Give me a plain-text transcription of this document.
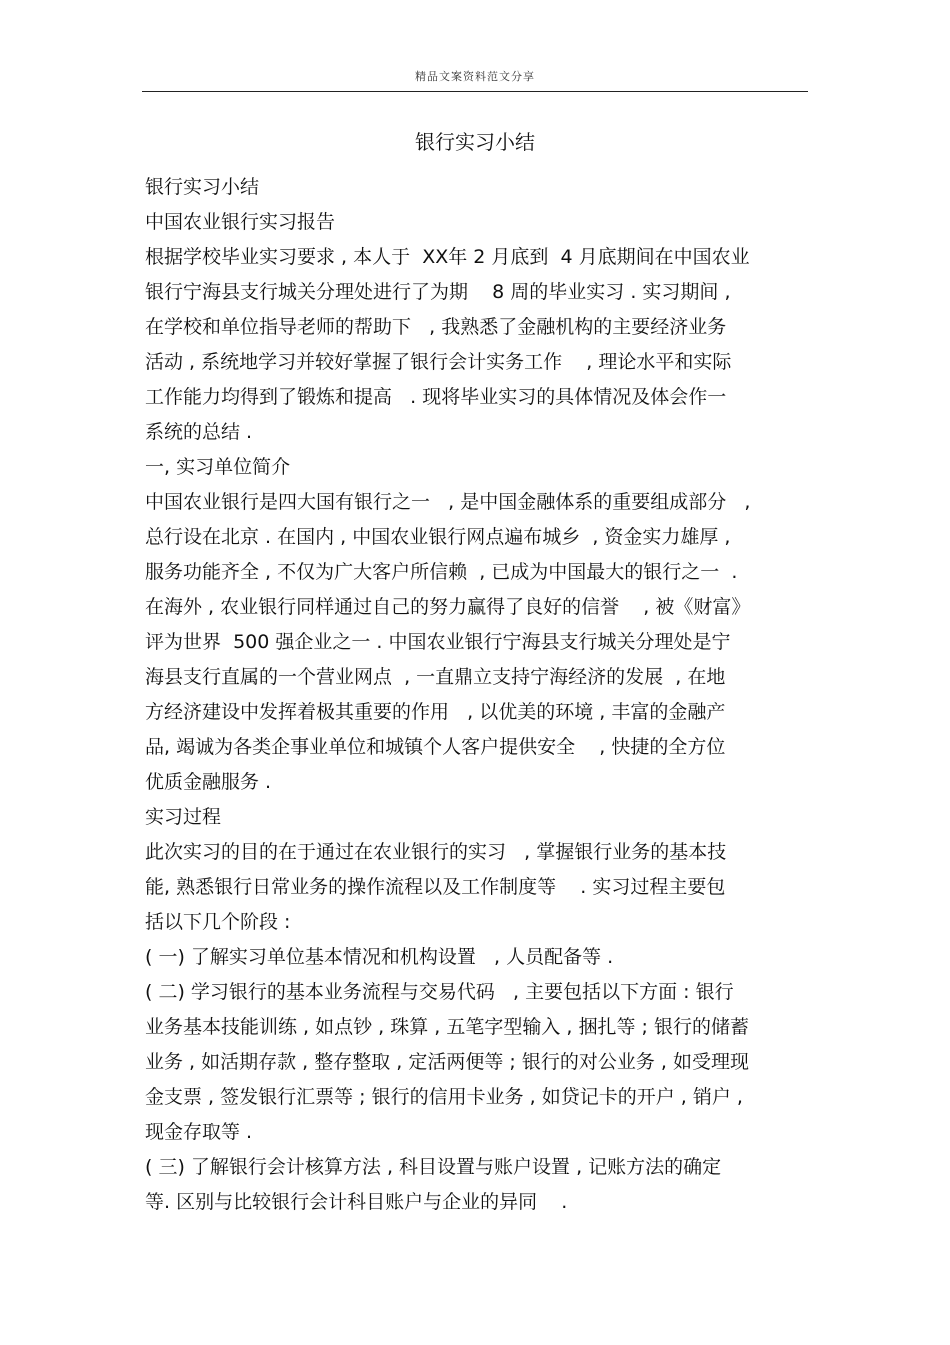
精品文案资料范文分享
银行实习小结
银行实习小结
中国农业银行实习报告
根据学校毕业实习要求 , 本人于  XX年 2 月底到  4 月底期间在中国农业
银行宁海县支行城关分理处进行了为期    8 周的毕业实习 . 实习期间 ,
在学校和单位指导老师的帮助下   , 我熟悉了金融机构的主要经济业务
活动 , 系统地学习并较好掌握了银行会计实务工作    , 理论水平和实际
工作能力均得到了锻炼和提高   . 现将毕业实习的具体情况及体会作一
系统的总结 .
一, 实习单位简介
中国农业银行是四大国有银行之一   , 是中国金融体系的重要组成部分   ,
总行设在北京 . 在国内 , 中国农业银行网点遍布城乡  , 资金实力雄厚 ,
服务功能齐全 , 不仅为广大客户所信赖  , 已成为中国最大的银行之一  .
在海外 , 农业银行同样通过自己的努力赢得了良好的信誉    , 被《财富》
评为世界  500 强企业之一 . 中国农业银行宁海县支行城关分理处是宁
海县支行直属的一个营业网点  , 一直鼎立支持宁海经济的发展  , 在地
方经济建设中发挥着极其重要的作用   , 以优美的环境 , 丰富的金融产
品, 竭诚为各类企事业单位和城镇个人客户提供安全    , 快捷的全方位
优质金融服务 .
实习过程
此次实习的目的在于通过在农业银行的实习   , 掌握银行业务的基本技
能, 熟悉银行日常业务的操作流程以及工作制度等    . 实习过程主要包
括以下几个阶段 :
( 一) 了解实习单位基本情况和机构设置   , 人员配备等 .
( 二) 学习银行的基本业务流程与交易代码   , 主要包括以下方面 : 银行
业务基本技能训练 , 如点钞 , 珠算 , 五笔字型输入 , 捆扎等 ; 银行的储蓄
业务 , 如活期存款 , 整存整取 , 定活两便等 ; 银行的对公业务 , 如受理现
金支票 , 签发银行汇票等 ; 银行的信用卡业务 , 如贷记卡的开户 , 销户 ,
现金存取等 .
( 三) 了解银行会计核算方法 , 科目设置与账户设置 , 记账方法的确定
等. 区别与比较银行会计科目账户与企业的异同    .
